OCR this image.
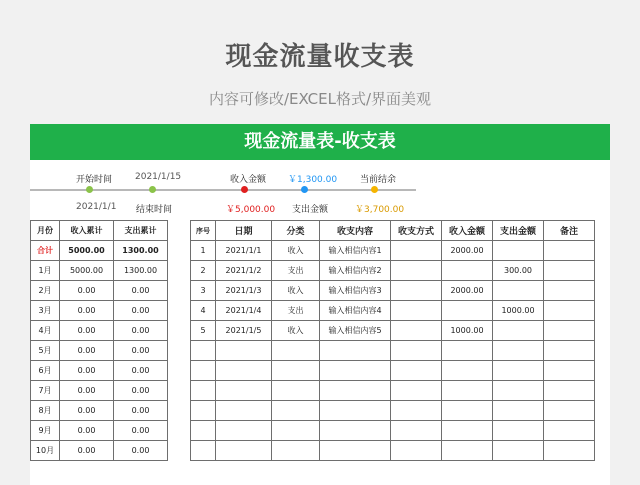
现金流量收支表
内容可修改/EXCEL格式/界面美观
现金流量表-收支表
开始时间
2021/1/1
2021/1/15
结束时间
收入金额
￥5,000.00
￥1,300.00
支出金额
当前结余
￥3,700.00
月份	收入累计	支出累计
合计	5000.00	1300.00
1月	5000.00	1300.00
2月	0.00	0.00
3月	0.00	0.00
4月	0.00	0.00
5月	0.00	0.00
6月	0.00	0.00
7月	0.00	0.00
8月	0.00	0.00
9月	0.00	0.00
10月	0.00	0.00
序号	日期	分类	收支内容	收支方式	收入金额	支出金额	备注
1	2021/1/1	收入	输入相信内容1		2000.00		
2	2021/1/2	支出	输入相信内容2			300.00	
3	2021/1/3	收入	输入相信内容3		2000.00		
4	2021/1/4	支出	输入相信内容4			1000.00	
5	2021/1/5	收入	输入相信内容5		1000.00		
